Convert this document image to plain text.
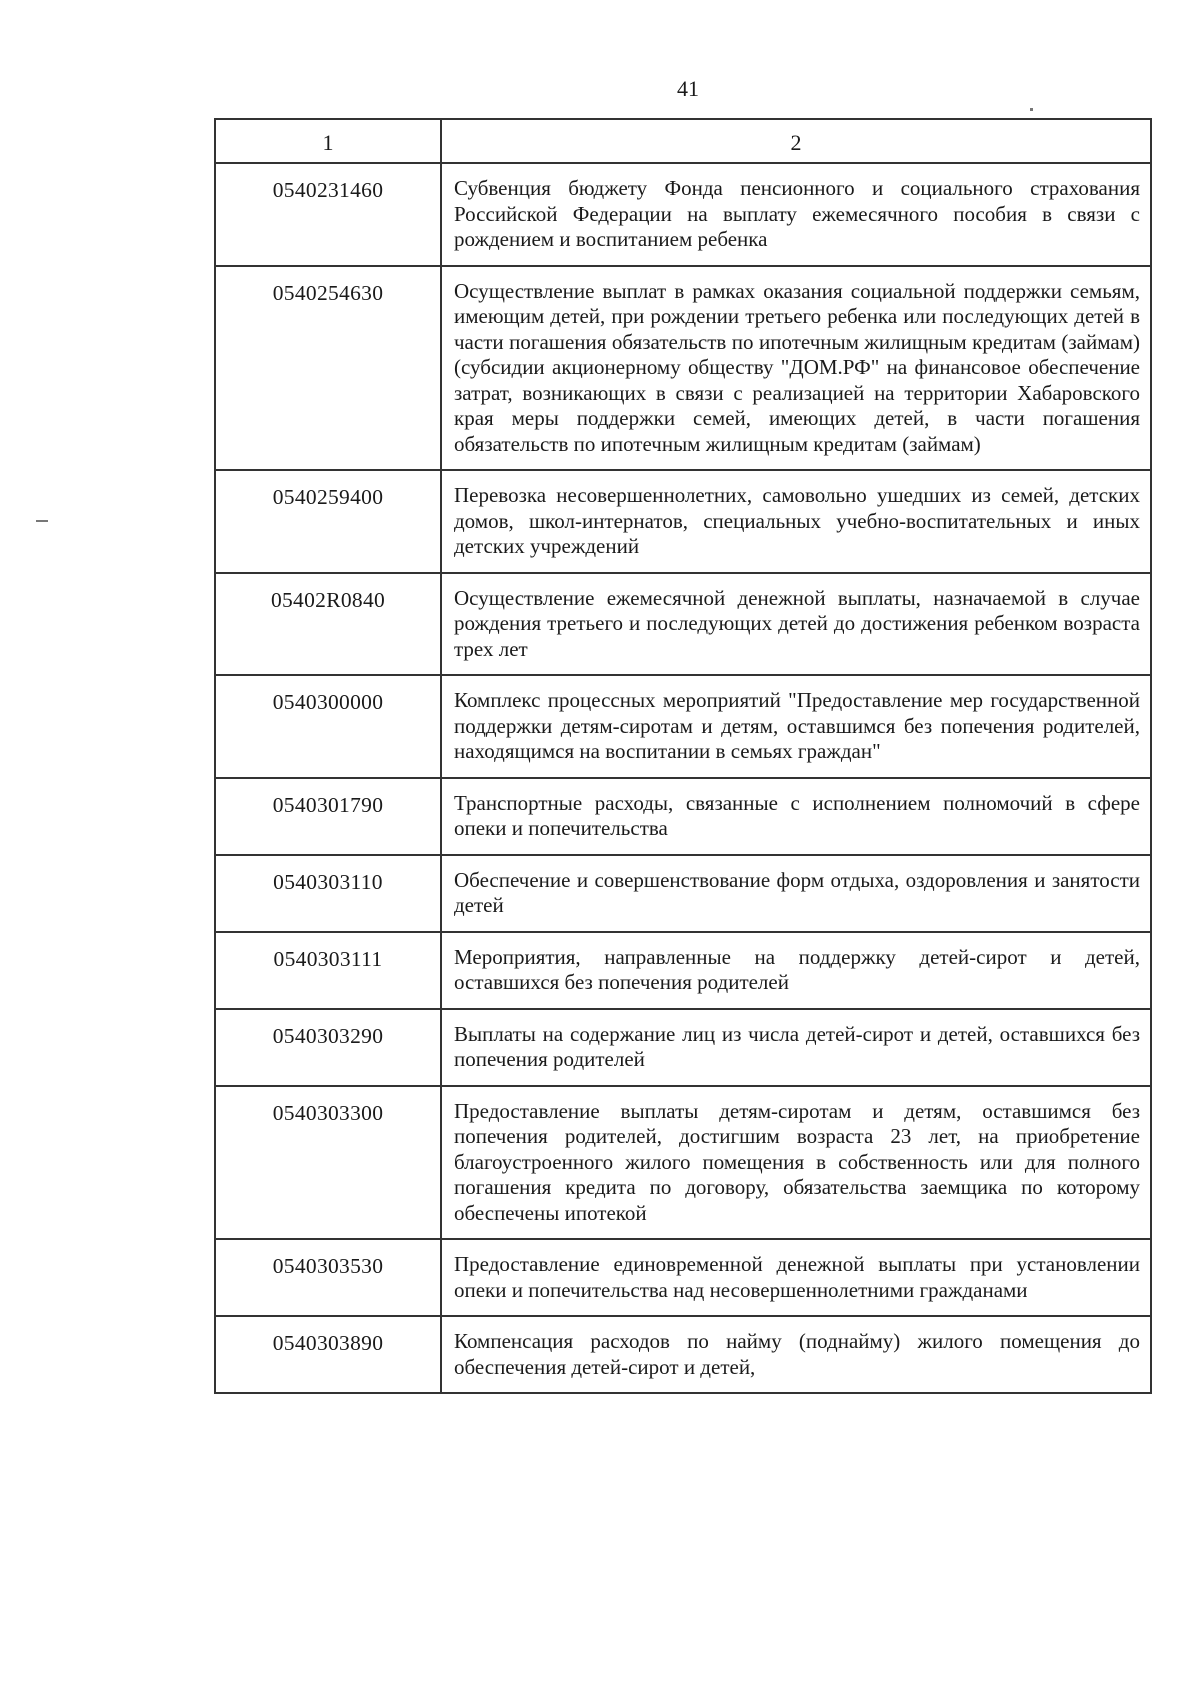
41
1	2
0540231460	Субвенция бюджету Фонда пенсионного и социального страхования Российской Федерации на выплату ежемесячного пособия в связи с рождением и воспитанием ребенка
0540254630	Осуществление выплат в рамках оказания социальной поддержки семьям, имеющим детей, при рождении третьего ребенка или последующих детей в части погашения обязательств по ипотечным жилищным кредитам (займам) (субсидии акционерному обществу "ДОМ.РФ" на финансовое обеспечение затрат, возникающих в связи с реализацией на территории Хабаровского края меры поддержки семей, имеющих детей, в части погашения обязательств по ипотечным жилищным кредитам (займам)
0540259400	Перевозка несовершеннолетних, самовольно ушедших из семей, детских домов, школ-интернатов, специальных учебно-воспитательных и иных детских учреждений
05402R0840	Осуществление ежемесячной денежной выплаты, назначаемой в случае рождения третьего и последующих детей до достижения ребенком возраста трех лет
0540300000	Комплекс процессных мероприятий "Предоставление мер государственной поддержки детям-сиротам и детям, оставшимся без попечения родителей, находящимся на воспитании в семьях граждан"
0540301790	Транспортные расходы, связанные с исполнением полномочий в сфере опеки и попечительства
0540303110	Обеспечение и совершенствование форм отдыха, оздоровления и занятости детей
0540303111	Мероприятия, направленные на поддержку детей-сирот и детей, оставшихся без попечения родителей
0540303290	Выплаты на содержание лиц из числа детей-сирот и детей, оставшихся без попечения родителей
0540303300	Предоставление выплаты детям-сиротам и детям, оставшимся без попечения родителей, достигшим возраста 23 лет, на приобретение благоустроенного жилого помещения в собственность или для полного погашения кредита по договору, обязательства заемщика по которому обеспечены ипотекой
0540303530	Предоставление единовременной денежной выплаты при установлении опеки и попечительства над несовершеннолетними гражданами
0540303890	Компенсация расходов по найму (поднайму) жилого помещения до обеспечения детей-сирот и детей,
